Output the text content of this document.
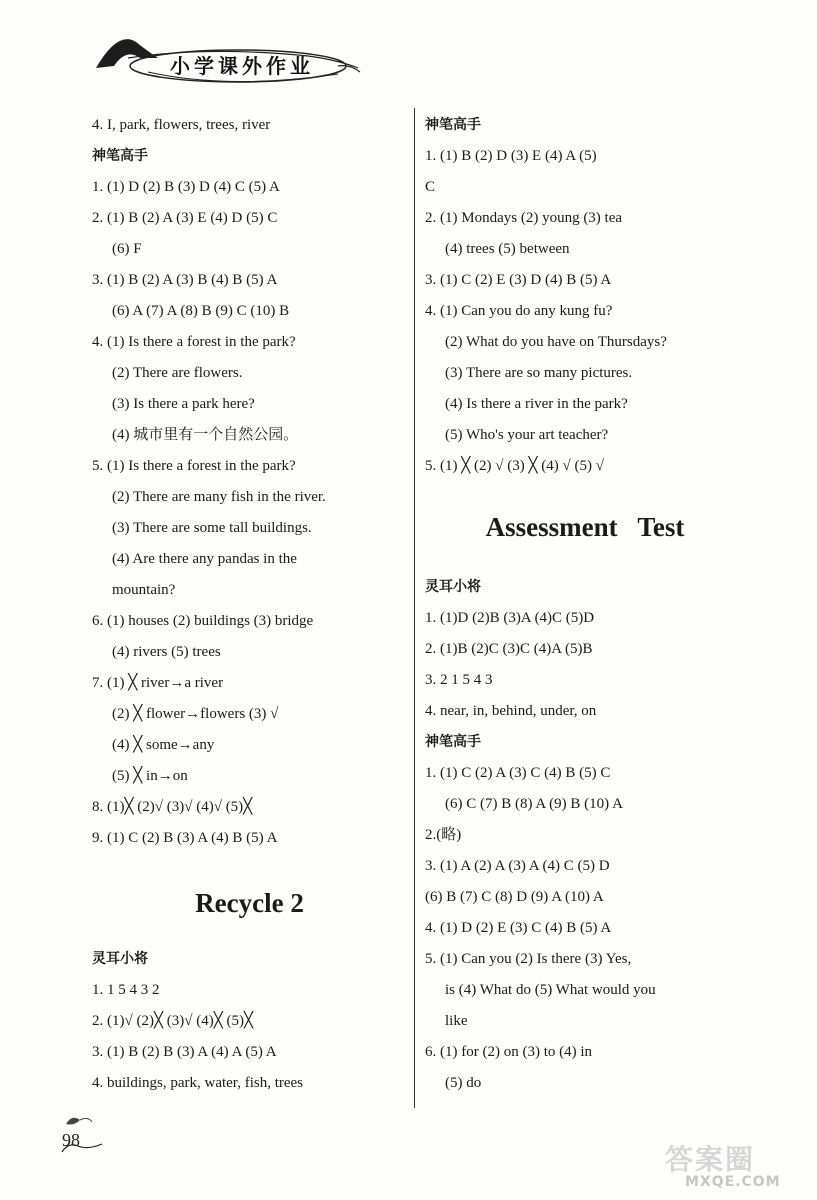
小学课外作业
4. I, park, flowers, trees, river
神笔高手
1. (1) D (2) B (3) D (4) C (5) A
2. (1) B (2) A (3) E (4) D (5) C
(6) F
3. (1) B (2) A (3) B (4) B (5) A
(6) A (7) A (8) B (9) C (10) B
4. (1) Is there a forest in the park?
(2) There are flowers.
(3) Is there a park here?
(4) 城市里有一个自然公园。
5. (1) Is there a forest in the park?
(2) There are many fish in the river.
(3) There are some tall buildings.
(4) Are there any pandas in the
mountain?
6. (1) houses (2) buildings (3) bridge
(4) rivers (5) trees
7. (1) ╳ river→a river
(2) ╳ flower→flowers (3) √
(4) ╳ some→any
(5) ╳ in→on
8. (1)╳ (2)√ (3)√ (4)√ (5)╳
9. (1) C (2) B (3) A (4) B (5) A
Recycle 2
灵耳小将
1. 1 5 4 3 2
2. (1)√ (2)╳ (3)√ (4)╳ (5)╳
3. (1) B (2) B (3) A (4) A (5) A
4. buildings, park, water, fish, trees
神笔高手
1. (1) B (2) D (3) E (4) A (5)
C
2. (1) Mondays (2) young (3) tea
(4) trees (5) between
3. (1) C (2) E (3) D (4) B (5) A
4. (1) Can you do any kung fu?
(2) What do you have on Thursdays?
(3) There are so many pictures.
(4) Is there a river in the park?
(5) Who's your art teacher?
5. (1) ╳ (2) √ (3) ╳ (4) √ (5) √
Assessment   Test
灵耳小将
1. (1)D (2)B (3)A (4)C (5)D
2. (1)B (2)C (3)C (4)A (5)B
3. 2 1 5 4 3
4. near, in, behind, under, on
神笔高手
1. (1) C (2) A (3) C (4) B (5) C
(6) C (7) B (8) A (9) B (10) A
2.(略)
3. (1) A (2) A (3) A (4) C (5) D
(6) B (7) C (8) D (9) A (10) A
4. (1) D (2) E (3) C (4) B (5) A
5. (1) Can you (2) Is there (3) Yes,
is (4) What do (5) What would you
like
6. (1) for (2) on (3) to (4) in
(5) do
98
答案圈
MXQE.COM
